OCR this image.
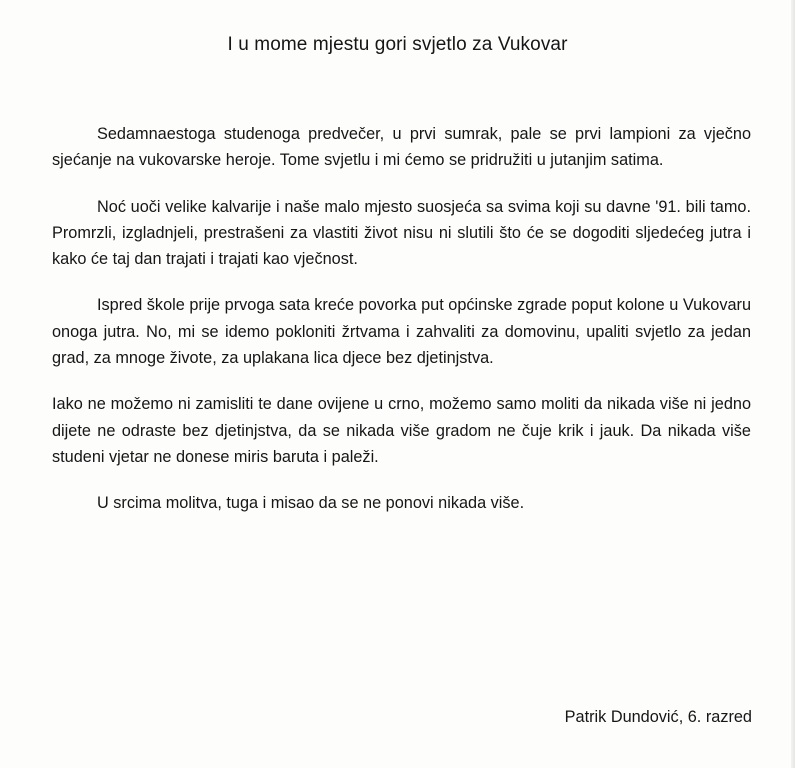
I u mome mjestu gori svjetlo za Vukovar

Sedamnaestoga studenoga predvečer, u prvi sumrak, pale se prvi lampioni za vječno sjećanje na vukovarske heroje. Tome svjetlu i mi ćemo se pridružiti u jutanjim satima.

Noć uoči velike kalvarije i naše malo mjesto suosjeća sa svima koji su davne '91. bili tamo. Promrzli, izgladnjeli, prestrašeni za vlastiti život nisu ni slutili što će se dogoditi sljedećeg jutra i kako će taj dan trajati i trajati kao vječnost.

Ispred škole prije prvoga sata kreće povorka put općinske zgrade poput kolone u Vukovaru onoga jutra. No, mi se idemo pokloniti žrtvama i zahvaliti za domovinu, upaliti svjetlo za jedan grad, za mnoge živote, za uplakana lica djece bez djetinjstva.

Iako ne možemo ni zamisliti te dane ovijene u crno, možemo samo moliti da nikada više ni jedno dijete ne odraste bez djetinjstva, da se nikada više gradom ne čuje krik i jauk. Da nikada više studeni vjetar ne donese miris baruta i paleži.

U srcima molitva, tuga i misao da se ne ponovi nikada više.

Patrik Dundović, 6. razred
